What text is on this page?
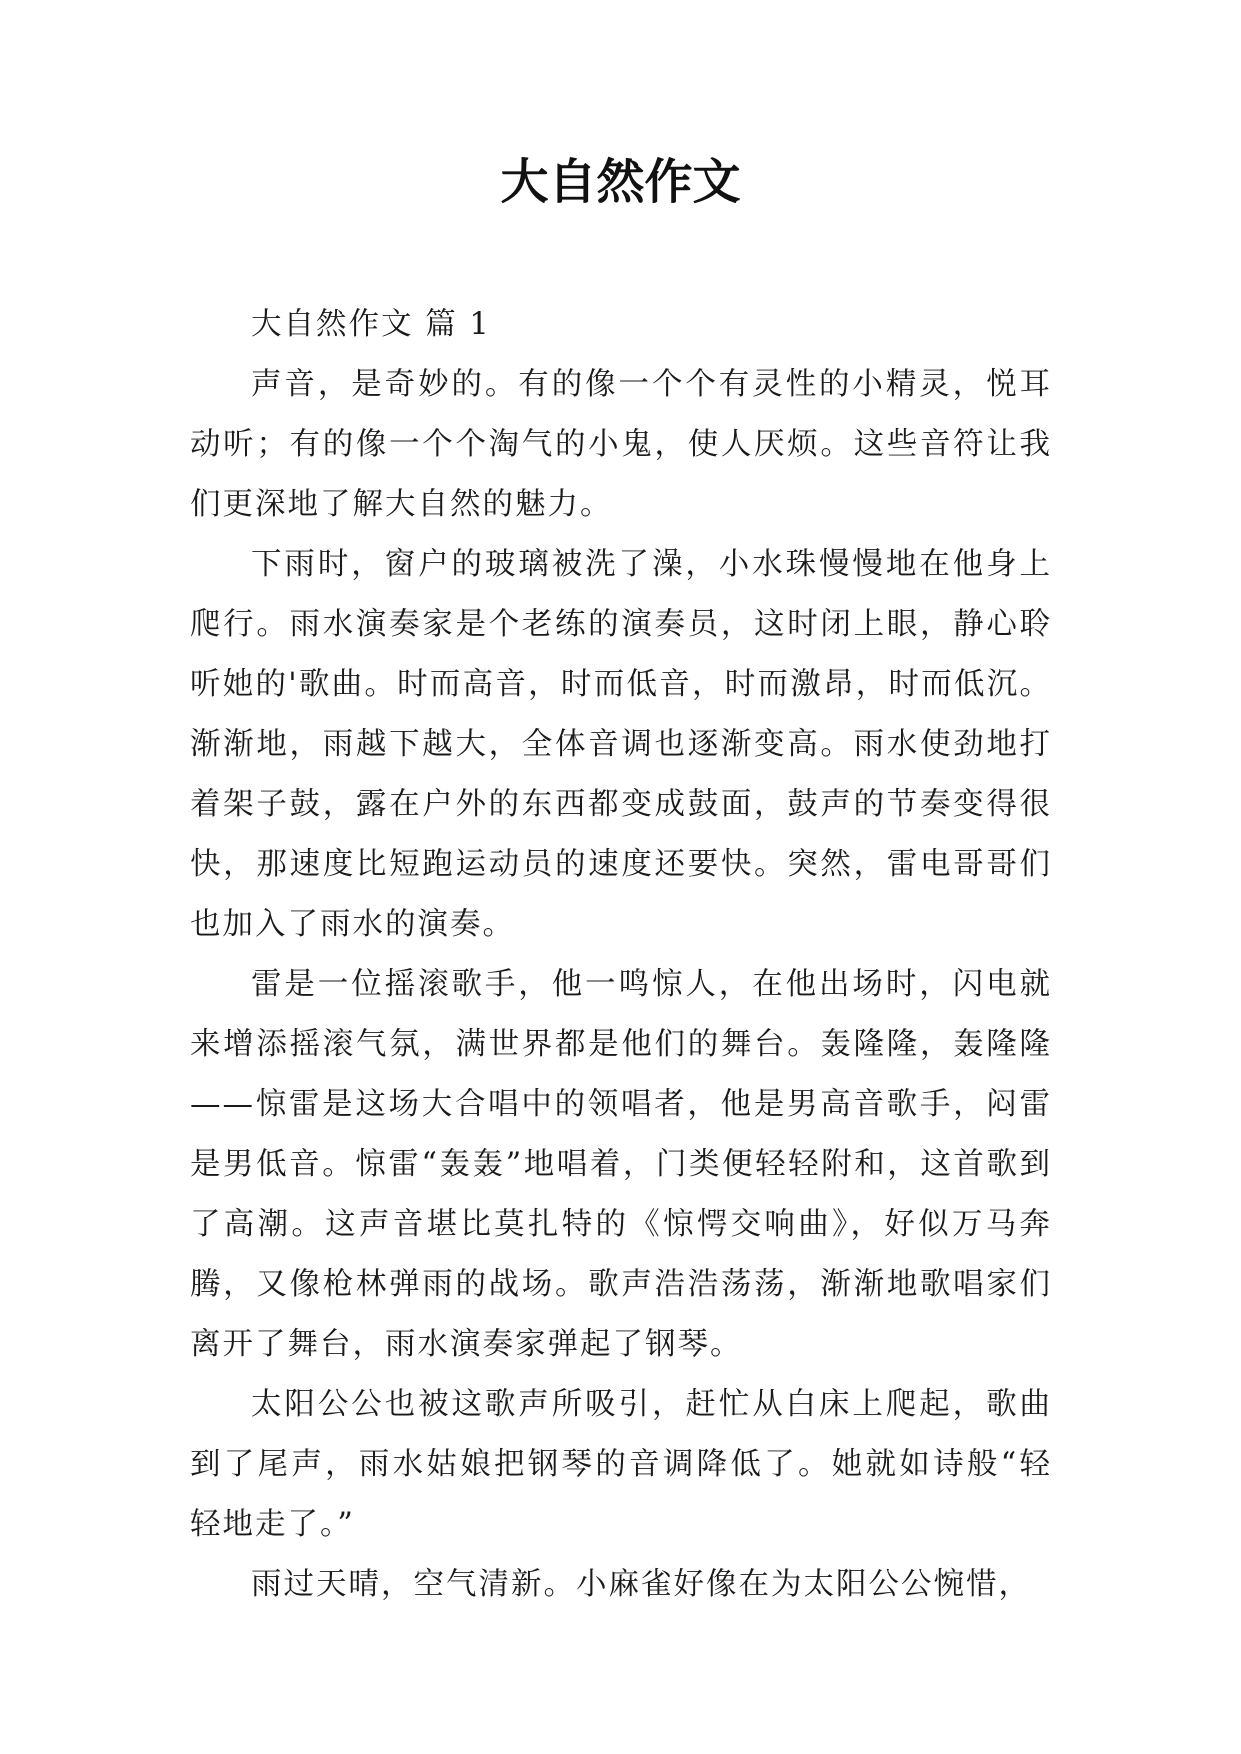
大自然作文

大自然作文 篇 1

声音，是奇妙的。有的像一个个有灵性的小精灵，悦耳动听；有的像一个个淘气的小鬼，使人厌烦。这些音符让我们更深地了解大自然的魅力。

下雨时，窗户的玻璃被洗了澡，小水珠慢慢地在他身上爬行。雨水演奏家是个老练的演奏员，这时闭上眼，静心聆听她的'歌曲。时而高音，时而低音，时而激昂，时而低沉。渐渐地，雨越下越大，全体音调也逐渐变高。雨水使劲地打着架子鼓，露在户外的东西都变成鼓面，鼓声的节奏变得很快，那速度比短跑运动员的速度还要快。突然，雷电哥哥们也加入了雨水的演奏。

雷是一位摇滚歌手，他一鸣惊人，在他出场时，闪电就来增添摇滚气氛，满世界都是他们的舞台。轰隆隆，轰隆隆——惊雷是这场大合唱中的领唱者，他是男高音歌手，闷雷是男低音。惊雷“轰轰”地唱着，门类便轻轻附和，这首歌到了高潮。这声音堪比莫扎特的《惊愕交响曲》，好似万马奔腾，又像枪林弹雨的战场。歌声浩浩荡荡，渐渐地歌唱家们离开了舞台，雨水演奏家弹起了钢琴。

太阳公公也被这歌声所吸引，赶忙从白床上爬起，歌曲到了尾声，雨水姑娘把钢琴的音调降低了。她就如诗般“轻轻地走了。”

雨过天晴，空气清新。小麻雀好像在为太阳公公惋惜，
